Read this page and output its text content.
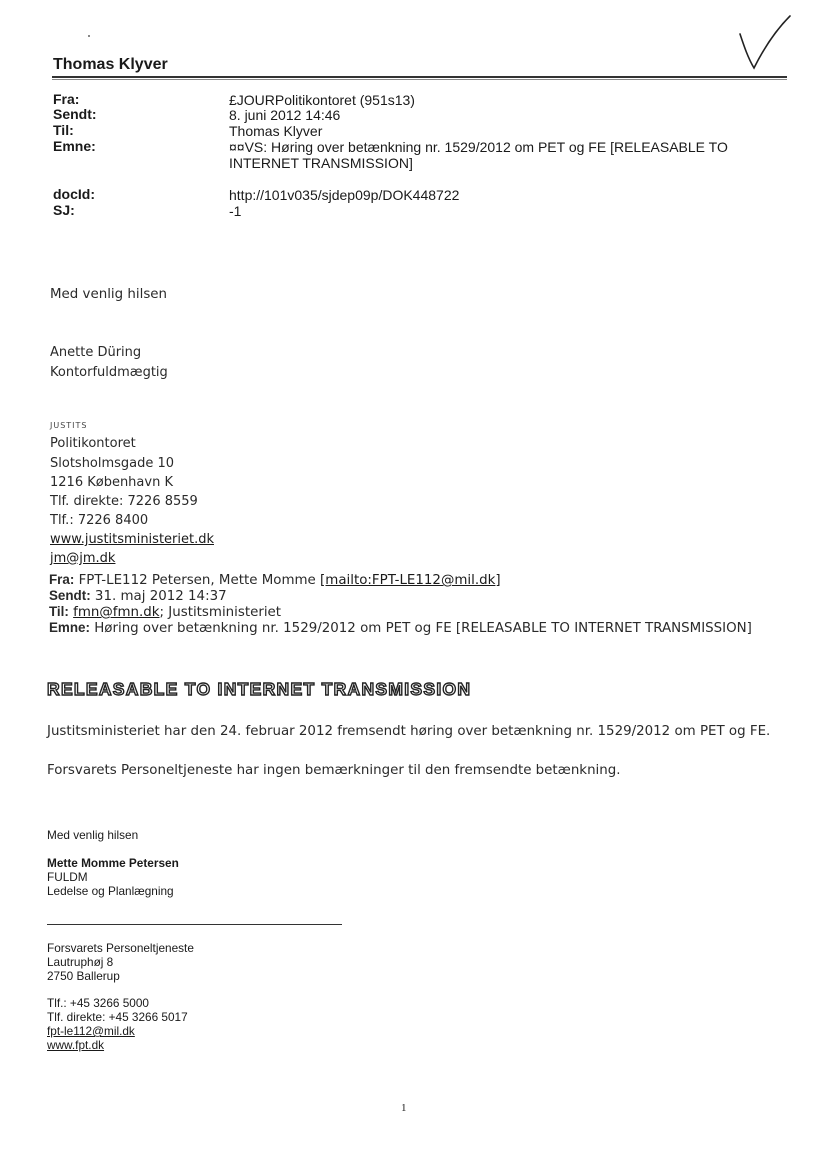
Thomas Klyver
Fra:	£JOURPolitikontoret (951s13)
Sendt:	8. juni 2012 14:46
Til:	Thomas Klyver
Emne:	¤¤VS: Høring over betænkning nr. 1529/2012 om PET og FE [RELEASABLE TO INTERNET TRANSMISSION]
docId:	http://101v035/sjdep09p/DOK448722
SJ:	-1
Med venlig hilsen
Anette Düring
Kontorfuldmægtig
JUSTITS
Politikontoret
Slotsholmsgade 10
1216 København K
Tlf. direkte: 7226 8559
Tlf.: 7226 8400
www.justitsministeriet.dk
jm@jm.dk
Fra: FPT-LE112 Petersen, Mette Momme [mailto:FPT-LE112@mil.dk]
Sendt: 31. maj 2012 14:37
Til: fmn@fmn.dk; Justitsministeriet
Emne: Høring over betænkning nr. 1529/2012 om PET og FE [RELEASABLE TO INTERNET TRANSMISSION]
RELEASABLE TO INTERNET TRANSMISSION
Justitsministeriet har den 24. februar 2012 fremsendt høring over betænkning nr. 1529/2012 om PET og FE.
Forsvarets Personeltjeneste har ingen bemærkninger til den fremsendte betænkning.
Med venlig hilsen
Mette Momme Petersen
FULDM
Ledelse og Planlægning
Forsvarets Personeltjeneste
Lautruphøj 8
2750 Ballerup
Tlf.: +45 3266 5000
Tlf. direkte: +45 3266 5017
fpt-le112@mil.dk
www.fpt.dk
1
